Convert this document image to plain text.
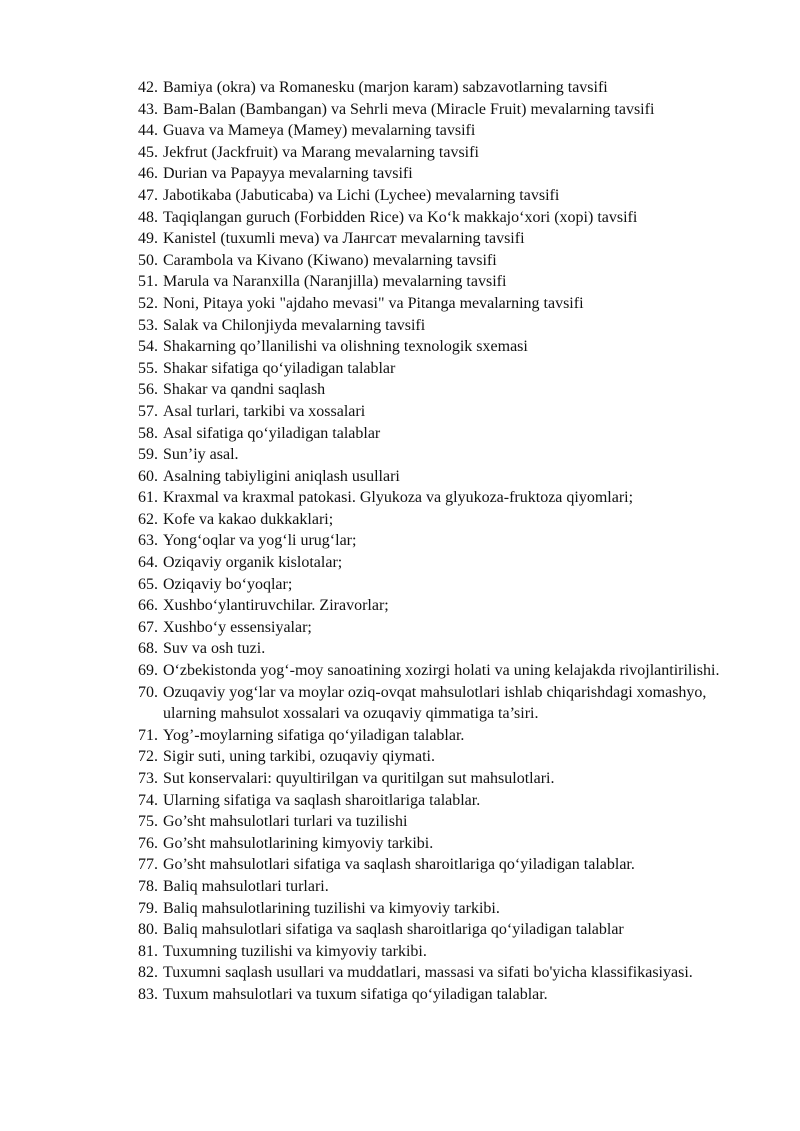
42. Bamiya (okra) va Romanesku (marjon karam) sabzavotlarning tavsifi
43. Bam-Balan (Bambangan) va Sehrli meva (Miracle Fruit) mevalarning tavsifi
44. Guava va Mameya (Mamey) mevalarning tavsifi
45. Jekfrut (Jackfruit) va Marang mevalarning tavsifi
46. Durian va Papayya mevalarning tavsifi
47. Jabotikaba (Jabuticaba) va Lichi (Lychee) mevalarning tavsifi
48. Taqiqlangan guruch (Forbidden Rice) va Ko‘k makkajo‘xori (xopi) tavsifi
49. Kanistel (tuxumli meva) va Лангсат mevalarning tavsifi
50. Carambola va Kivano (Kiwano) mevalarning tavsifi
51. Marula va Naranxilla (Naranjilla) mevalarning tavsifi
52. Noni, Pitaya yoki "ajdaho mevasi" va Pitanga mevalarning tavsifi
53. Salak va Chilonjiyda mevalarning tavsifi
54. Shakarning qo’llanilishi va olishning texnologik sxemasi
55. Shakar sifatiga qo‘yiladigan talablar
56. Shakar va qandni saqlash
57. Asal turlari, tarkibi va xossalari
58. Asal sifatiga qo‘yiladigan talablar
59. Sun’iy asal.
60. Asalning tabiyligini aniqlash usullari
61. Kraxmal va kraxmal patokasi. Glyukoza va glyukoza-fruktoza qiyomlari;
62. Kofe va kakao dukkaklari;
63. Yong‘oqlar va yog‘li urug‘lar;
64. Oziqaviy organik kislotalar;
65. Oziqaviy bo‘yoqlar;
66. Xushbo‘ylantiruvchilar. Ziravorlar;
67. Xushbo‘y essensiyalar;
68. Suv va osh tuzi.
69. O‘zbekistonda yog‘-moy sanoatining xozirgi holati va uning kelajakda rivojlantirilishi.
70. Ozuqaviy yog‘lar va moylar oziq-ovqat mahsulotlari ishlab chiqarishdagi xomashyo, ularning mahsulot xossalari va ozuqaviy qimmatiga ta’siri.
71. Yog’-moylarning sifatiga qo‘yiladigan talablar.
72. Sigir suti, uning tarkibi, ozuqaviy qiymati.
73. Sut konservalari: quyultirilgan va quritilgan sut mahsulotlari.
74. Ularning sifatiga va saqlash sharoitlariga talablar.
75. Go’sht mahsulotlari turlari va tuzilishi
76. Go’sht mahsulotlarining kimyoviy tarkibi.
77. Go’sht mahsulotlari sifatiga va saqlash sharoitlariga qo‘yiladigan talablar.
78. Baliq mahsulotlari turlari.
79. Baliq mahsulotlarining tuzilishi va kimyoviy tarkibi.
80. Baliq mahsulotlari sifatiga va saqlash sharoitlariga qo‘yiladigan talablar
81. Tuxumning tuzilishi va kimyoviy tarkibi.
82. Tuxumni saqlash usullari va muddatlari, massasi va sifati bo'yicha klassifikasiyasi.
83. Tuxum mahsulotlari va tuxum sifatiga qo‘yiladigan talablar.
